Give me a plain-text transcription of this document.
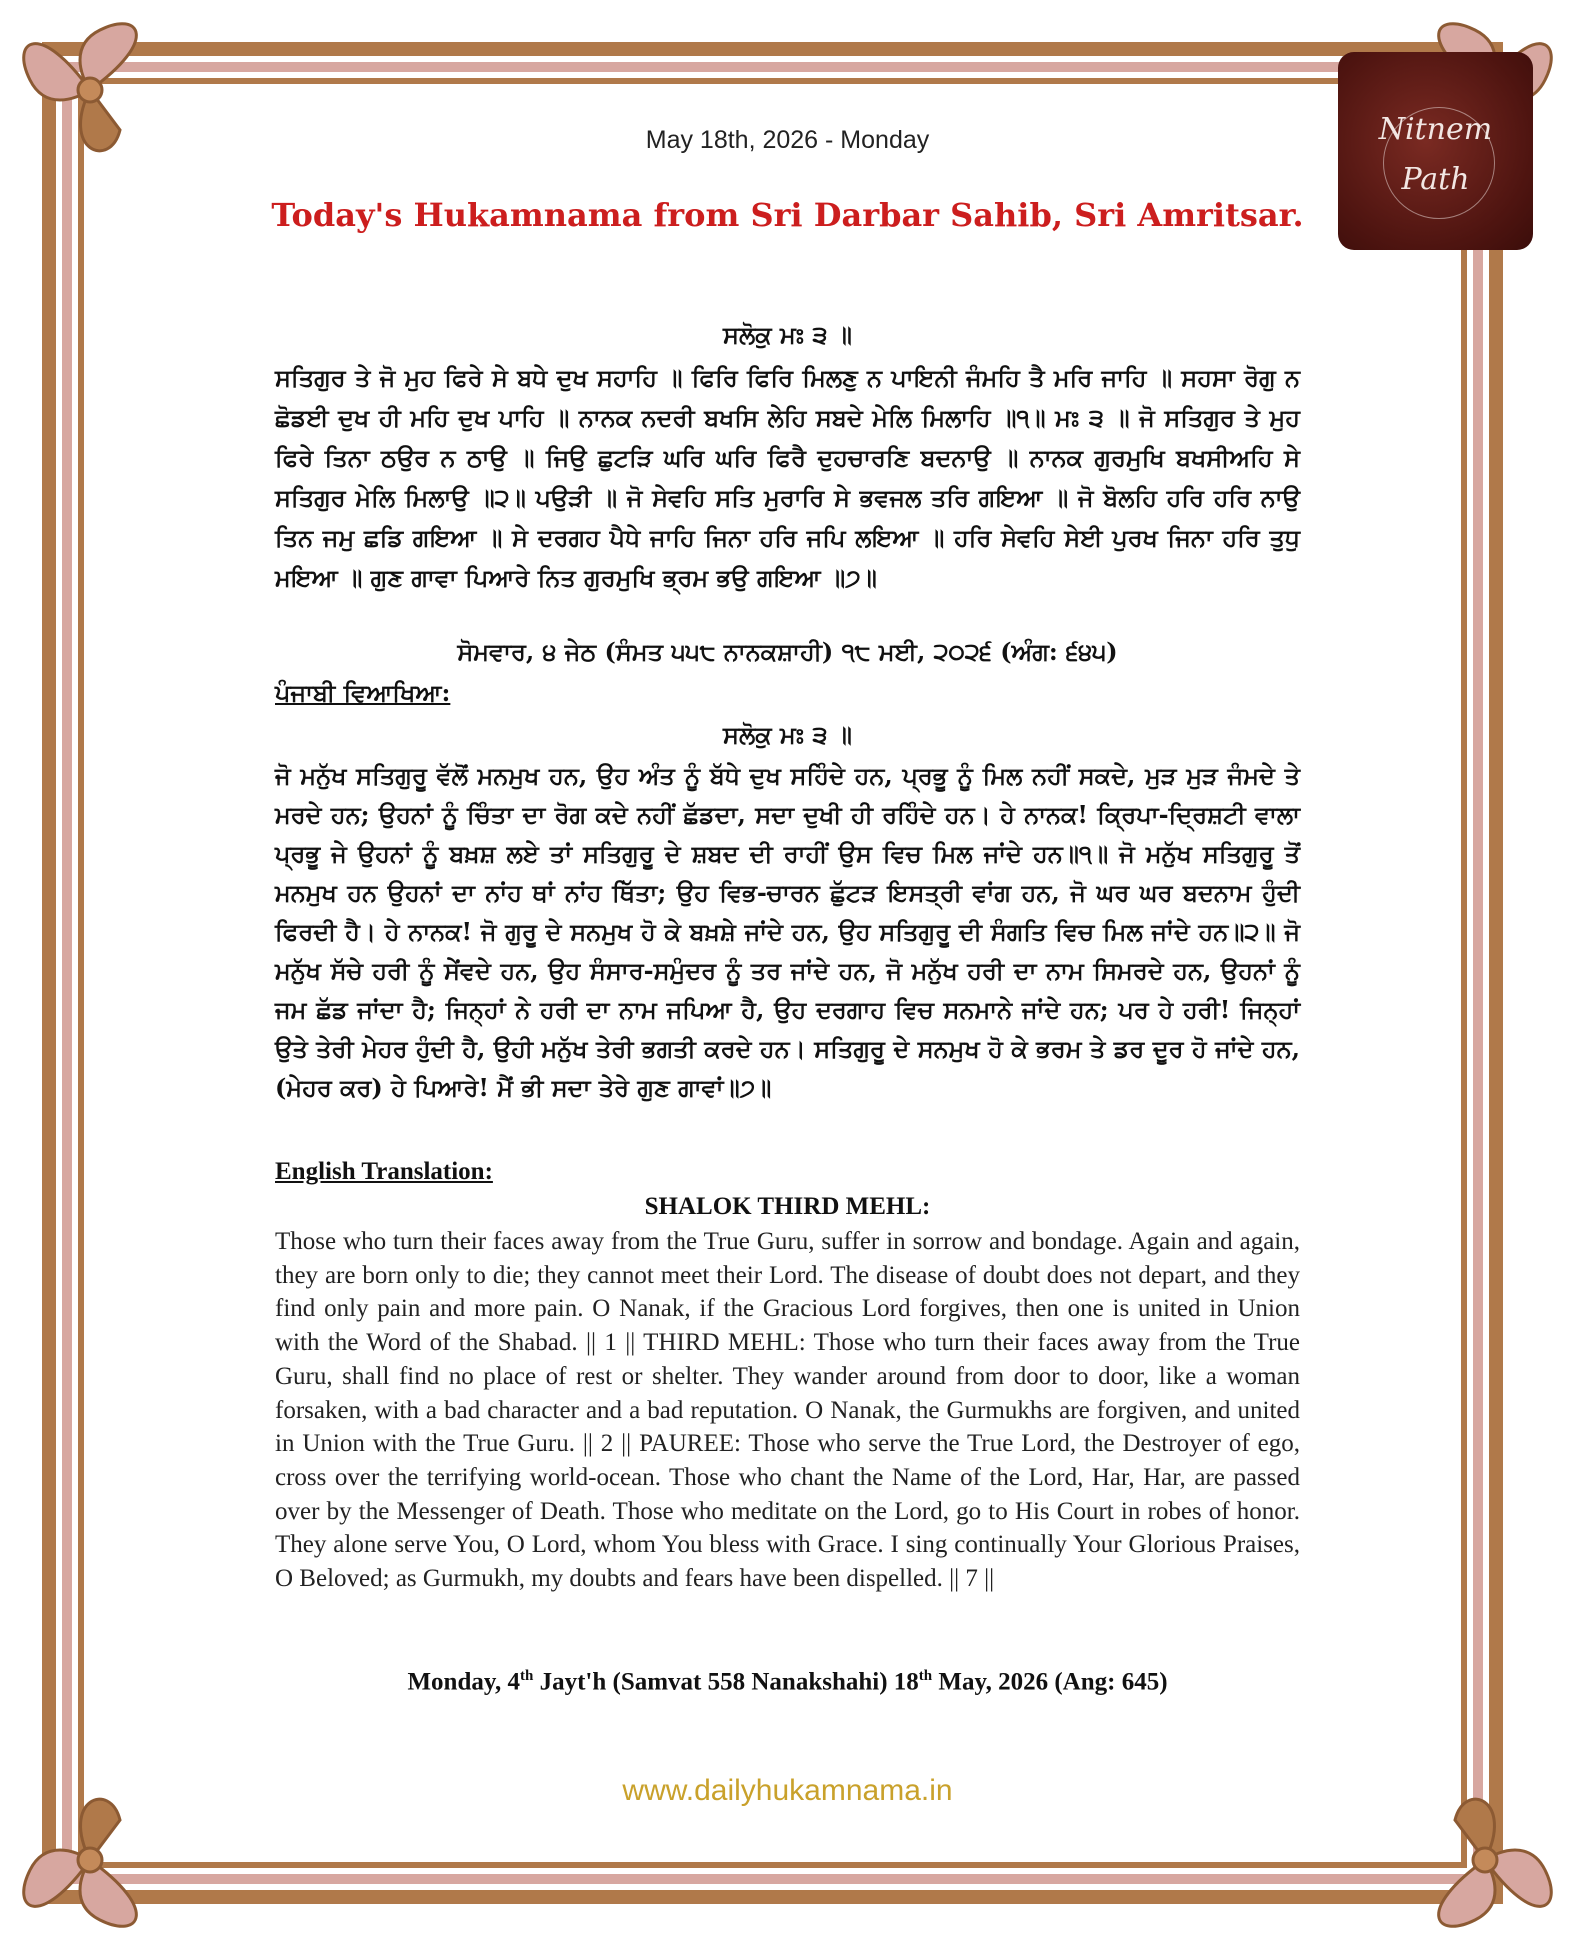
Nitnem
Path
May 18th, 2026 - Monday
Today's Hukamnama from Sri Darbar Sahib, Sri Amritsar.
ਸਲੋਕੁ ਮਃ ੩ ॥
ਸਤਿਗੁਰ ਤੇ ਜੋ ਮੁਹ ਫਿਰੇ ਸੇ ਬਧੇ ਦੁਖ ਸਹਾਹਿ ॥ ਫਿਰਿ ਫਿਰਿ ਮਿਲਣੁ ਨ ਪਾਇਨੀ ਜੰਮਹਿ ਤੈ ਮਰਿ ਜਾਹਿ ॥ ਸਹਸਾ ਰੋਗੁ ਨ ਛੋਡਈ ਦੁਖ ਹੀ ਮਹਿ ਦੁਖ ਪਾਹਿ ॥ ਨਾਨਕ ਨਦਰੀ ਬਖਸਿ ਲੇਹਿ ਸਬਦੇ ਮੇਲਿ ਮਿਲਾਹਿ ॥੧॥ ਮਃ ੩ ॥ ਜੋ ਸਤਿਗੁਰ ਤੇ ਮੁਹ ਫਿਰੇ ਤਿਨਾ ਠਉਰ ਨ ਠਾਉ ॥ ਜਿਉ ਛੁਟੜਿ ਘਰਿ ਘਰਿ ਫਿਰੈ ਦੁਹਚਾਰਣਿ ਬਦਨਾਉ ॥ ਨਾਨਕ ਗੁਰਮੁਖਿ ਬਖਸੀਅਹਿ ਸੇ ਸਤਿਗੁਰ ਮੇਲਿ ਮਿਲਾਉ ॥੨॥ ਪਉੜੀ ॥ ਜੋ ਸੇਵਹਿ ਸਤਿ ਮੁਰਾਰਿ ਸੇ ਭਵਜਲ ਤਰਿ ਗਇਆ ॥ ਜੋ ਬੋਲਹਿ ਹਰਿ ਹਰਿ ਨਾਉ ਤਿਨ ਜਮੁ ਛਡਿ ਗਇਆ ॥ ਸੇ ਦਰਗਹ ਪੈਧੇ ਜਾਹਿ ਜਿਨਾ ਹਰਿ ਜਪਿ ਲਇਆ ॥ ਹਰਿ ਸੇਵਹਿ ਸੇਈ ਪੁਰਖ ਜਿਨਾ ਹਰਿ ਤੁਧੁ ਮਇਆ ॥ ਗੁਣ ਗਾਵਾ ਪਿਆਰੇ ਨਿਤ ਗੁਰਮੁਖਿ ਭ੍ਰਮ ਭਉ ਗਇਆ ॥੭॥
ਸੋਮਵਾਰ, ੪ ਜੇਠ (ਸੰਮਤ ੫੫੮ ਨਾਨਕਸ਼ਾਹੀ) ੧੮ ਮਈ, ੨੦੨੬ (ਅੰਗ: ੬੪੫)
ਪੰਜਾਬੀ ਵਿਆਖਿਆ:
ਸਲੋਕੁ ਮਃ ੩ ॥
ਜੋ ਮਨੁੱਖ ਸਤਿਗੁਰੂ ਵੱਲੋਂ ਮਨਮੁਖ ਹਨ, ਉਹ ਅੰਤ ਨੂੰ ਬੱਧੇ ਦੁਖ ਸਹਿੰਦੇ ਹਨ, ਪ੍ਰਭੂ ਨੂੰ ਮਿਲ ਨਹੀਂ ਸਕਦੇ, ਮੁੜ ਮੁੜ ਜੰਮਦੇ ਤੇ ਮਰਦੇ ਹਨ; ਉਹਨਾਂ ਨੂੰ ਚਿੰਤਾ ਦਾ ਰੋਗ ਕਦੇ ਨਹੀਂ ਛੱਡਦਾ, ਸਦਾ ਦੁਖੀ ਹੀ ਰਹਿੰਦੇ ਹਨ। ਹੇ ਨਾਨਕ! ਕ੍ਰਿਪਾ-ਦ੍ਰਿਸ਼ਟੀ ਵਾਲਾ ਪ੍ਰਭੂ ਜੇ ਉਹਨਾਂ ਨੂੰ ਬਖ਼ਸ਼ ਲਏ ਤਾਂ ਸਤਿਗੁਰੂ ਦੇ ਸ਼ਬਦ ਦੀ ਰਾਹੀਂ ਉਸ ਵਿਚ ਮਿਲ ਜਾਂਦੇ ਹਨ॥੧॥ ਜੋ ਮਨੁੱਖ ਸਤਿਗੁਰੂ ਤੋਂ ਮਨਮੁਖ ਹਨ ਉਹਨਾਂ ਦਾ ਨਾਂਹ ਥਾਂ ਨਾਂਹ ਥਿੱਤਾ; ਉਹ ਵਿਭ-ਚਾਰਨ ਛੁੱਟੜ ਇਸਤ੍ਰੀ ਵਾਂਗ ਹਨ, ਜੋ ਘਰ ਘਰ ਬਦਨਾਮ ਹੁੰਦੀ ਫਿਰਦੀ ਹੈ। ਹੇ ਨਾਨਕ! ਜੋ ਗੁਰੂ ਦੇ ਸਨਮੁਖ ਹੋ ਕੇ ਬਖ਼ਸ਼ੇ ਜਾਂਦੇ ਹਨ, ਉਹ ਸਤਿਗੁਰੂ ਦੀ ਸੰਗਤਿ ਵਿਚ ਮਿਲ ਜਾਂਦੇ ਹਨ॥੨॥ ਜੋ ਮਨੁੱਖ ਸੱਚੇ ਹਰੀ ਨੂੰ ਸੇਂਵਦੇ ਹਨ, ਉਹ ਸੰਸਾਰ-ਸਮੁੰਦਰ ਨੂੰ ਤਰ ਜਾਂਦੇ ਹਨ, ਜੋ ਮਨੁੱਖ ਹਰੀ ਦਾ ਨਾਮ ਸਿਮਰਦੇ ਹਨ, ਉਹਨਾਂ ਨੂੰ ਜਮ ਛੱਡ ਜਾਂਦਾ ਹੈ; ਜਿਨ੍ਹਾਂ ਨੇ ਹਰੀ ਦਾ ਨਾਮ ਜਪਿਆ ਹੈ, ਉਹ ਦਰਗਾਹ ਵਿਚ ਸਨਮਾਨੇ ਜਾਂਦੇ ਹਨ; ਪਰ ਹੇ ਹਰੀ! ਜਿਨ੍ਹਾਂ ਉਤੇ ਤੇਰੀ ਮੇਹਰ ਹੁੰਦੀ ਹੈ, ਉਹੀ ਮਨੁੱਖ ਤੇਰੀ ਭਗਤੀ ਕਰਦੇ ਹਨ। ਸਤਿਗੁਰੂ ਦੇ ਸਨਮੁਖ ਹੋ ਕੇ ਭਰਮ ਤੇ ਡਰ ਦੂਰ ਹੋ ਜਾਂਦੇ ਹਨ, (ਮੇਹਰ ਕਰ) ਹੇ ਪਿਆਰੇ! ਮੈਂ ਭੀ ਸਦਾ ਤੇਰੇ ਗੁਣ ਗਾਵਾਂ॥੭॥
English Translation:
SHALOK THIRD MEHL:
Those who turn their faces away from the True Guru, suffer in sorrow and bondage. Again and again, they are born only to die; they cannot meet their Lord. The disease of doubt does not depart, and they find only pain and more pain. O Nanak, if the Gracious Lord forgives, then one is united in Union with the Word of the Shabad. || 1 || THIRD MEHL: Those who turn their faces away from the True Guru, shall find no place of rest or shelter. They wander around from door to door, like a woman forsaken, with a bad character and a bad reputation. O Nanak, the Gurmukhs are forgiven, and united in Union with the True Guru. || 2 || PAUREE: Those who serve the True Lord, the Destroyer of ego, cross over the terrifying world-ocean. Those who chant the Name of the Lord, Har, Har, are passed over by the Messenger of Death. Those who meditate on the Lord, go to His Court in robes of honor. They alone serve You, O Lord, whom You bless with Grace. I sing continually Your Glorious Praises, O Beloved; as Gurmukh, my doubts and fears have been dispelled. || 7 ||
Monday, 4th Jayt'h (Samvat 558 Nanakshahi) 18th May, 2026 (Ang: 645)
www.dailyhukamnama.in
